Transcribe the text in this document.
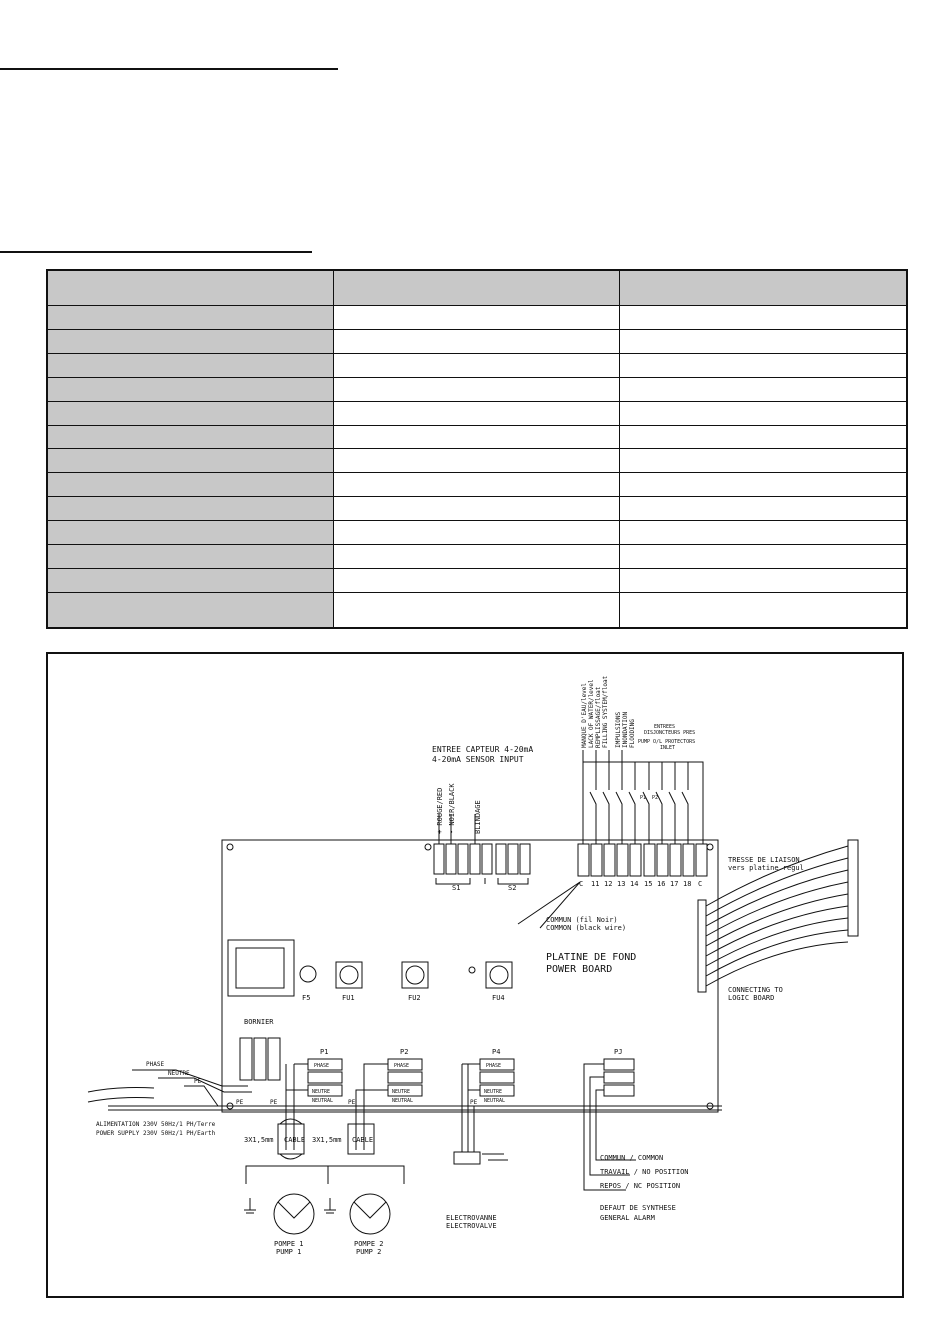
ENTREE CAPTEUR 4-20mA
4-20mA SENSOR INPUT
+ ROUGE/RED - NOIR/BLACK	BLINDAGE
S1	S2
MANQUE D'EAU/level LACK OF WATER/level REMPLISSAGE/float FILLING SYSTEM/float IMPULSIONS INONDATION FLOODING	ENTREES
DISJONCTEURS PRES
PUMP O/L PROTECTORS
INLET
P1 P2
C 11 12 13 14 15 16 17 18 C
COMMUN (fil Noir)
COMMON (black wire)
PLATINE DE FOND
POWER BOARD
TRESSE DE LIAISON
vers platine regul
CONNECTING TO
LOGIC BOARD
F5	FU1	FU2	FU4
BORNIER
P1	P2	P4	PJ
PHASE
NEUTRE
NEUTRAL
PHASE
NEUTRE
NEUTRAL
PHASE
NEUTRE
NEUTRAL
PE	PE	PE	PE
PHASE
NEUTRE
PE
ALIMENTATION 230V 50Hz/1 PH/Terre
POWER SUPPLY 230V 50Hz/1 PH/Earth
CABLE	CABLE
3X1,5mm	3X1,5mm
POMPE 1
PUMP 1
POMPE 2
PUMP 2
ELECTROVANNE
ELECTROVALVE
COMMUN / COMMON
TRAVAIL / NO POSITION
REPOS / NC POSITION
DEFAUT DE SYNTHESE
GENERAL ALARM
